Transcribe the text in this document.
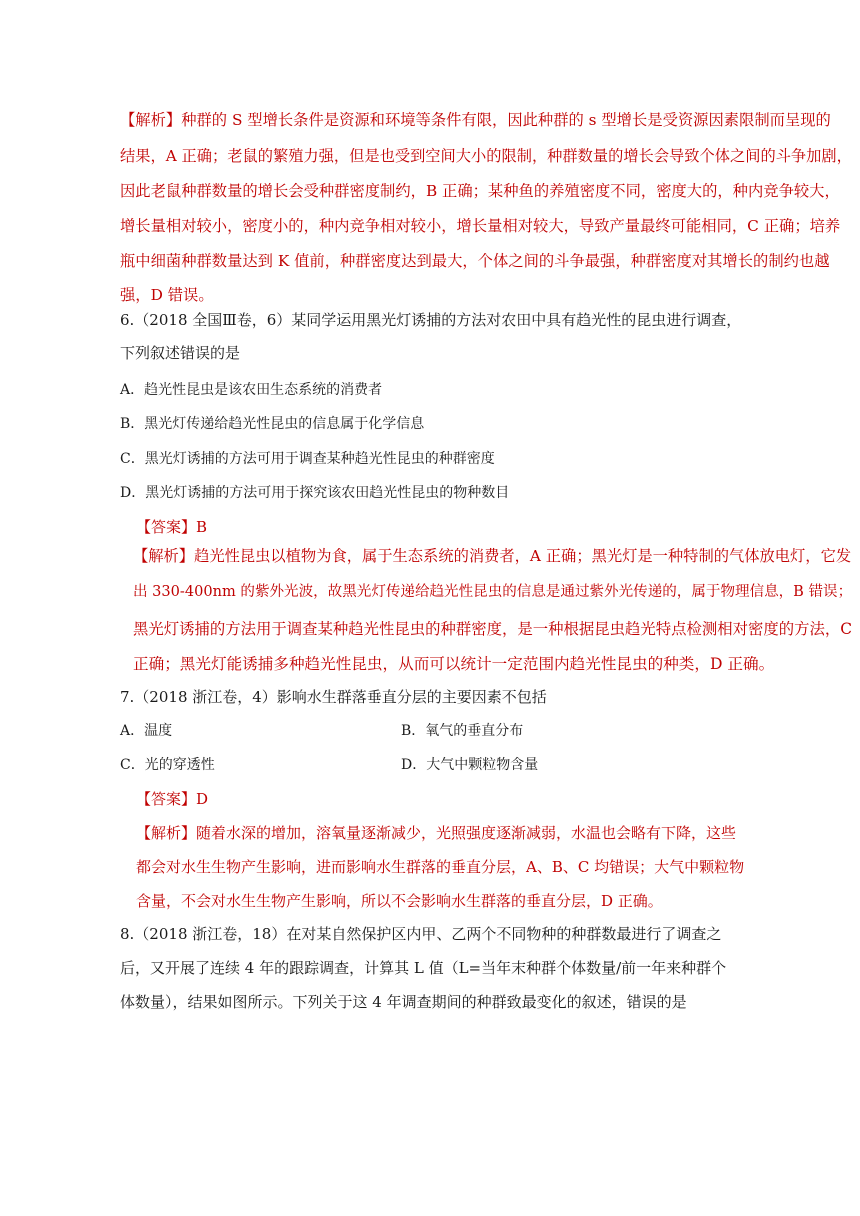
【解析】种群的 S 型增长条件是资源和环境等条件有限，因此种群的 s 型增长是受资源因素限制而呈现的
结果，A 正确；老鼠的繁殖力强，但是也受到空间大小的限制，种群数量的增长会导致个体之间的斗争加剧，
因此老鼠种群数量的增长会受种群密度制约，B 正确；某种鱼的养殖密度不同，密度大的，种内竞争较大，
增长量相对较小，密度小的，种内竞争相对较小，增长量相对较大，导致产量最终可能相同，C 正确；培养
瓶中细菌种群数量达到 K 值前，种群密度达到最大，个体之间的斗争最强，种群密度对其增长的制约也越
强，D 错误。
6.（2018 全国Ⅲ卷，6）某同学运用黑光灯诱捕的方法对农田中具有趋光性的昆虫进行调查，
下列叙述错误的是
A．趋光性昆虫是该农田生态系统的消费者
B．黑光灯传递给趋光性昆虫的信息属于化学信息
C．黑光灯诱捕的方法可用于调查某种趋光性昆虫的种群密度
D．黑光灯诱捕的方法可用于探究该农田趋光性昆虫的物种数目
【答案】B
【解析】趋光性昆虫以植物为食，属于生态系统的消费者，A 正确；黑光灯是一种特制的气体放电灯，它发
出 330-400nm 的紫外光波，故黑光灯传递给趋光性昆虫的信息是通过紫外光传递的，属于物理信息，B 错误；
黑光灯诱捕的方法用于调查某种趋光性昆虫的种群密度，是一种根据昆虫趋光特点检测相对密度的方法，C
正确；黑光灯能诱捕多种趋光性昆虫，从而可以统计一定范围内趋光性昆虫的种类，D 正确。
7.（2018 浙江卷，4）影响水生群落垂直分层的主要因素不包括
A．温度	B．氧气的垂直分布
C．光的穿透性	D．大气中颗粒物含量
【答案】D
【解析】随着水深的增加，溶氧量逐渐减少，光照强度逐渐减弱，水温也会略有下降，这些
都会对水生生物产生影响，进而影响水生群落的垂直分层，A、B、C 均错误；大气中颗粒物
含量，不会对水生生物产生影响，所以不会影响水生群落的垂直分层，D 正确。
8.（2018 浙江卷，18）在对某自然保护区内甲、乙两个不同物种的种群数最进行了调查之
后，又开展了连续 4 年的跟踪调查，计算其 L 值（L=当年末种群个体数量/前一年来种群个
体数量），结果如图所示。下列关于这 4 年调查期间的种群致最变化的叙述，错误的是
